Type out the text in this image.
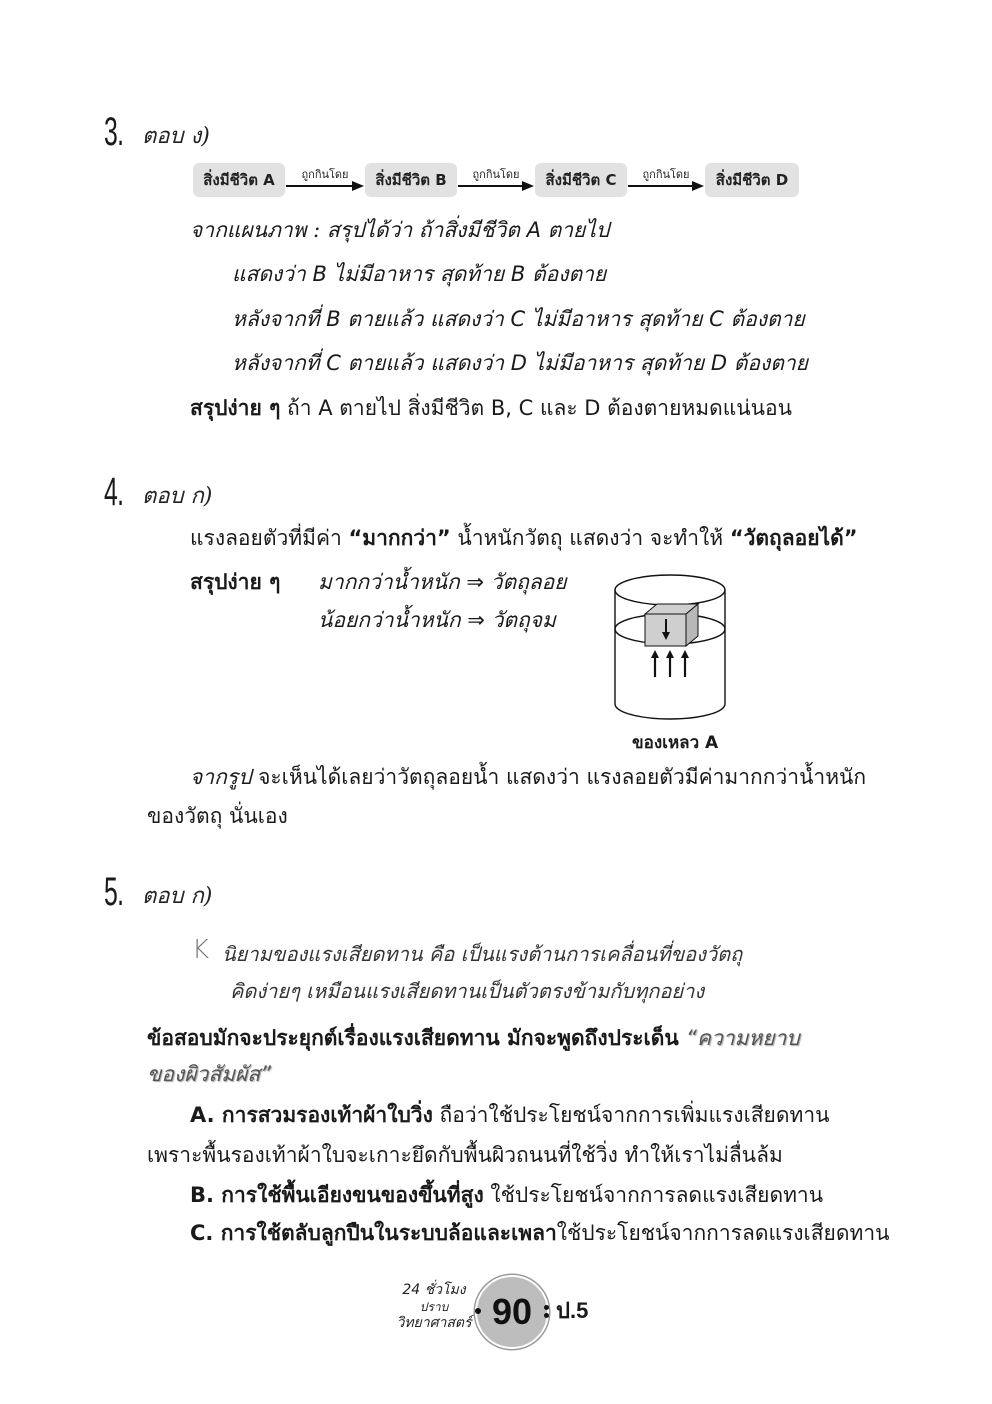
3. ตอบ ง)
สิ่งมีชีวิต A	ถูกกินโดย	สิ่งมีชีวิต B	ถูกกินโดย	สิ่งมีชีวิต C	ถูกกินโดย	สิ่งมีชีวิต D
จากแผนภาพ : สรุปได้ว่า ถ้าสิ่งมีชีวิต A ตายไป
แสดงว่า B ไม่มีอาหาร สุดท้าย B ต้องตาย
หลังจากที่ B ตายแล้ว แสดงว่า C ไม่มีอาหาร สุดท้าย C ต้องตาย
หลังจากที่ C ตายแล้ว แสดงว่า D ไม่มีอาหาร สุดท้าย D ต้องตาย
สรุปง่าย ๆ ถ้า A ตายไป สิ่งมีชีวิต B, C และ D ต้องตายหมดแน่นอน
4. ตอบ ก)
แรงลอยตัวที่มีค่า “มากกว่า” น้ำหนักวัตถุ แสดงว่า จะทำให้ “วัตถุลอยได้”
สรุปง่าย ๆ มากกว่าน้ำหนัก ⇒ วัตถุลอย
น้อยกว่าน้ำหนัก ⇒ วัตถุจม
ของเหลว A
จากรูป จะเห็นได้เลยว่าวัตถุลอยน้ำ แสดงว่า แรงลอยตัวมีค่ามากกว่าน้ำหนัก
ของวัตถุ นั่นเอง
5. ตอบ ก)
K นิยามของแรงเสียดทาน คือ เป็นแรงต้านการเคลื่อนที่ของวัตถุ
คิดง่ายๆ เหมือนแรงเสียดทานเป็นตัวตรงข้ามกับทุกอย่าง
ข้อสอบมักจะประยุกต์เรื่องแรงเสียดทาน มักจะพูดถึงประเด็น “ความหยาบ
ของผิวสัมผัส”
A. การสวมรองเท้าผ้าใบวิ่ง ถือว่าใช้ประโยชน์จากการเพิ่มแรงเสียดทาน
เพราะพื้นรองเท้าผ้าใบจะเกาะยึดกับพื้นผิวถนนที่ใช้วิ่ง ทำให้เราไม่ลื่นล้ม
B. การใช้พื้นเอียงขนของขึ้นที่สูง ใช้ประโยชน์จากการลดแรงเสียดทาน
C. การใช้ตลับลูกปืนในระบบล้อและเพลาใช้ประโยชน์จากการลดแรงเสียดทาน
24 ชั่วโมง
ปราบ
วิทยาศาสตร์ 90 ป.5
